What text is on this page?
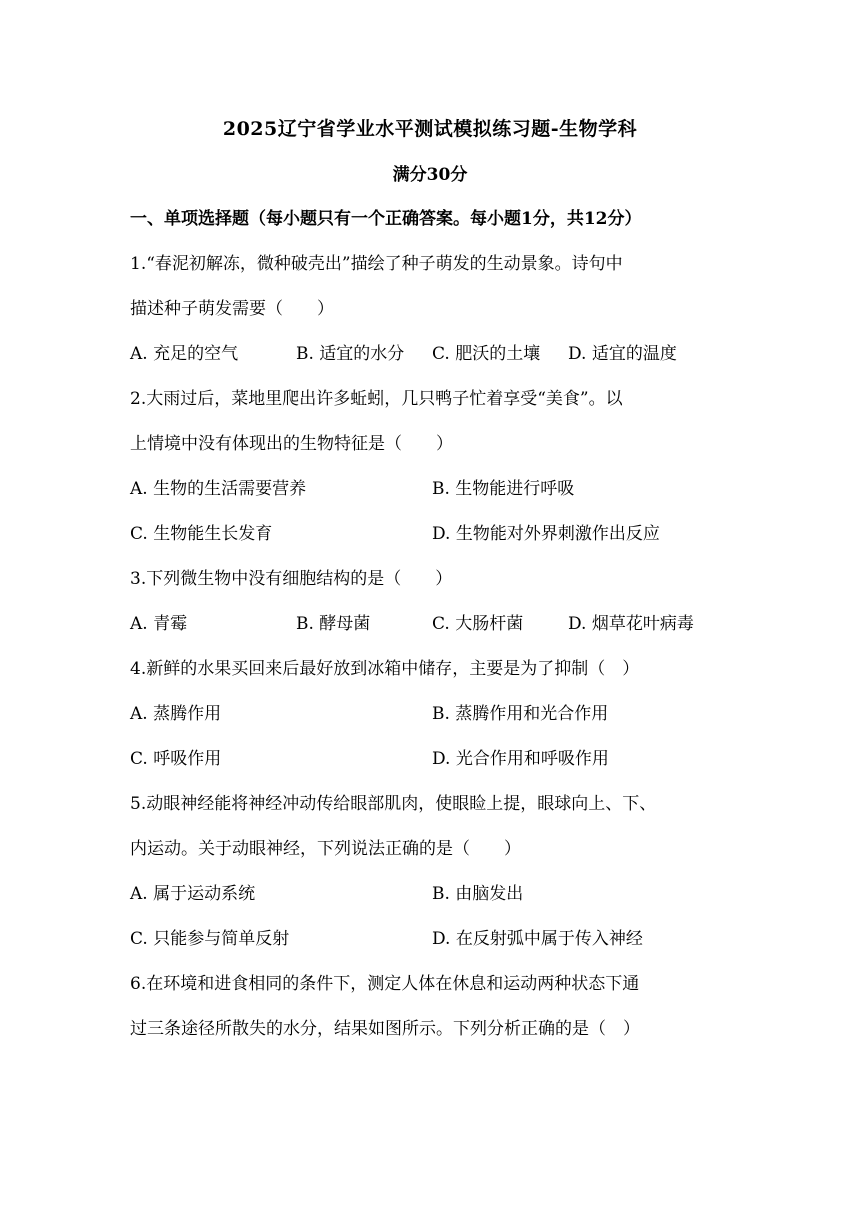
2025辽宁省学业水平测试模拟练习题-生物学科
满分30分
一、单项选择题（每小题只有一个正确答案。每小题1分，共12分）
1.“春泥初解冻，微种破壳出”描绘了种子萌发的生动景象。诗句中
描述种子萌发需要（　　）
A. 充足的空气	B. 适宜的水分 C. 肥沃的土壤 D. 适宜的温度
2.大雨过后，菜地里爬出许多蚯蚓，几只鸭子忙着享受“美食”。以
上情境中没有体现出的生物特征是（　　）
A. 生物的生活需要营养	B. 生物能进行呼吸
C. 生物能生长发育	D. 生物能对外界刺激作出反应
3.下列微生物中没有细胞结构的是（　　）
A. 青霉	B. 酵母菌	C. 大肠杆菌	D. 烟草花叶病毒
4.新鲜的水果买回来后最好放到冰箱中储存，主要是为了抑制（　）
A. 蒸腾作用	B. 蒸腾作用和光合作用
C. 呼吸作用	D. 光合作用和呼吸作用
5.动眼神经能将神经冲动传给眼部肌肉，使眼睑上提，眼球向上、下、
内运动。关于动眼神经，下列说法正确的是（　　）
A. 属于运动系统	B. 由脑发出
C. 只能参与简单反射	D. 在反射弧中属于传入神经
6.在环境和进食相同的条件下，测定人体在休息和运动两种状态下通
过三条途径所散失的水分，结果如图所示。下列分析正确的是（　）
